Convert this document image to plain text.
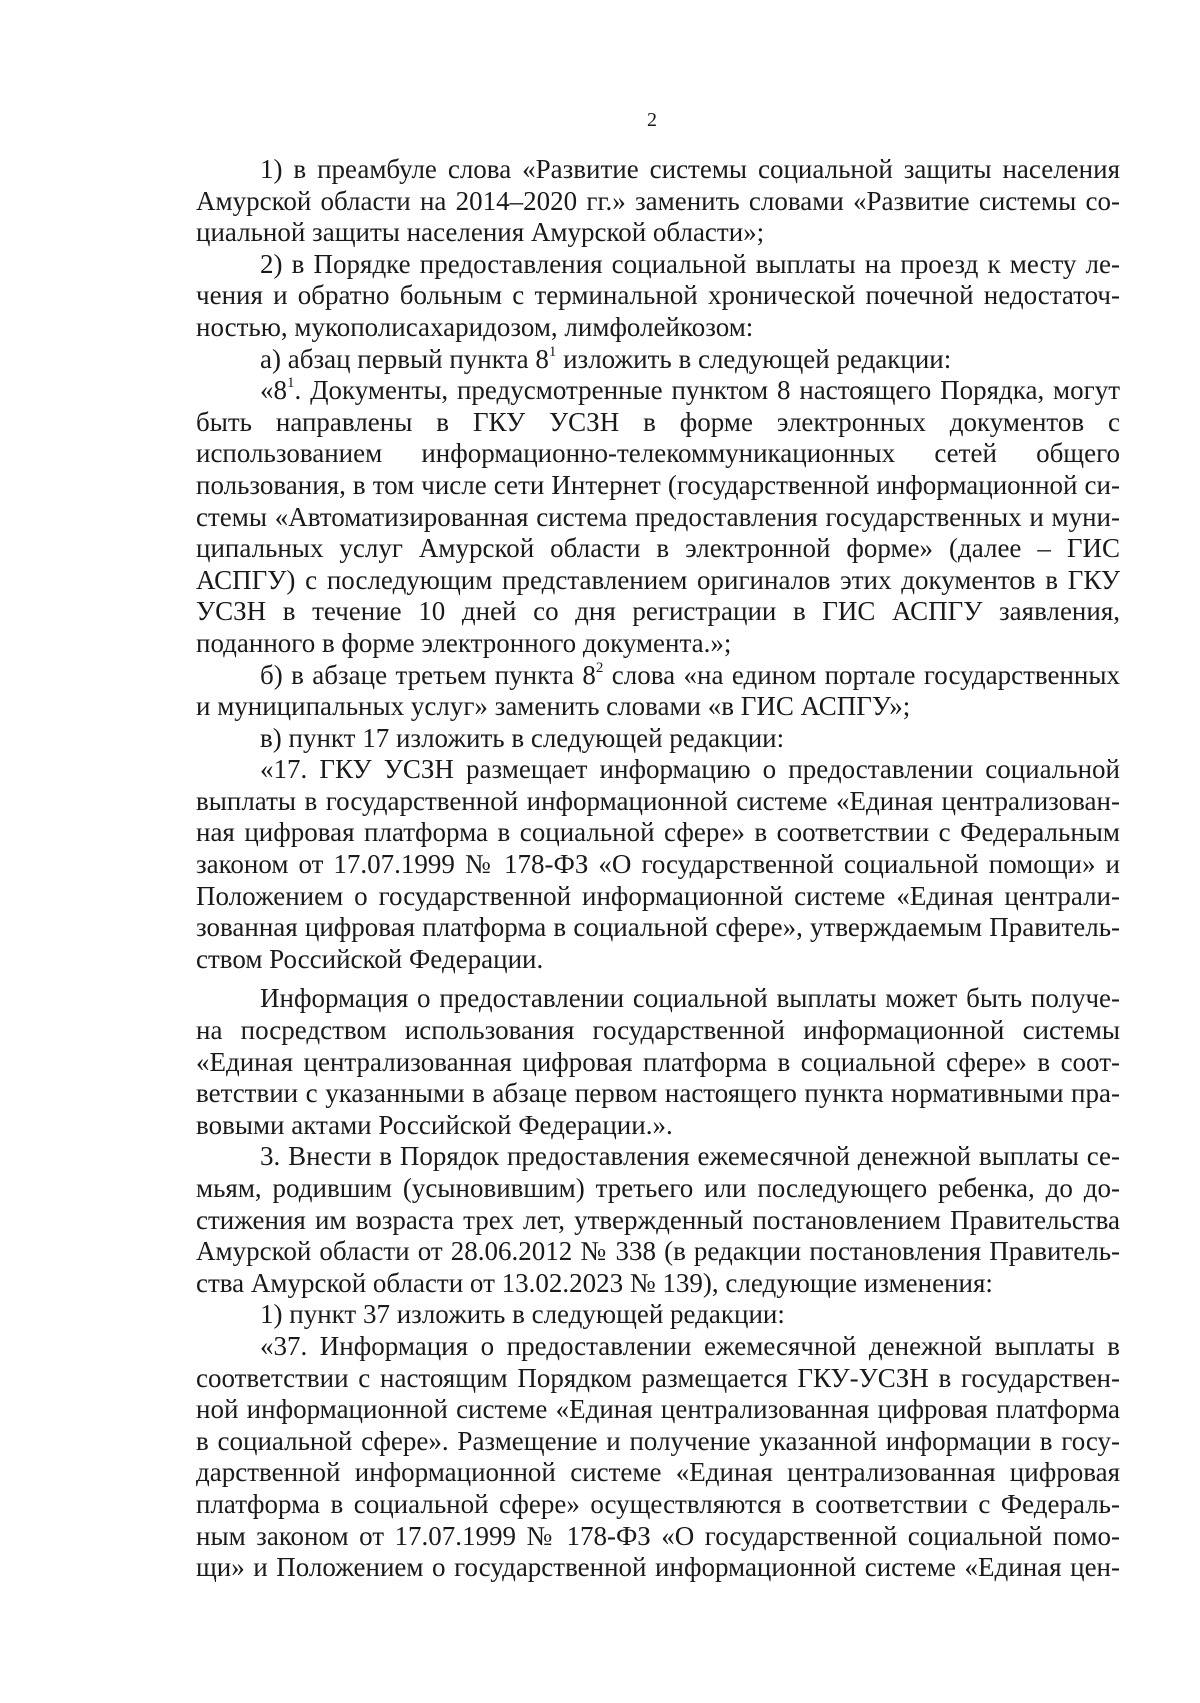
2
1) в преамбуле слова «Развитие системы социальной защиты населения
Амурской области на 2014–2020 гг.» заменить словами «Развитие системы со-
циальной защиты населения Амурской области»;
2) в Порядке предоставления социальной выплаты на проезд к месту ле-
чения и обратно больным с терминальной хронической почечной недостаточ-
ностью, мукополисахаридозом, лимфолейкозом:
а) абзац первый пункта $8^1$ изложить в следующей редакции:
«$8^1$. Документы, предусмотренные пунктом 8 настоящего Порядка, могут
быть направлены в ГКУ УСЗН в форме электронных документов с
использованием информационно-телекоммуникационных сетей общего
пользования, в том числе сети Интернет (государственной информационной си-
стемы «Автоматизированная система предоставления государственных и муни-
ципальных услуг Амурской области в электронной форме» (далее – ГИС
АСПГУ) с последующим представлением оригиналов этих документов в ГКУ
УСЗН в течение 10 дней со дня регистрации в ГИС АСПГУ заявления,
поданного в форме электронного документа.»;
б) в абзаце третьем пункта $8^2$ слова «на едином портале государственных
и муниципальных услуг» заменить словами «в ГИС АСПГУ»;
в) пункт 17 изложить в следующей редакции:
«17. ГКУ УСЗН размещает информацию о предоставлении социальной
выплаты в государственной информационной системе «Единая централизован-
ная цифровая платформа в социальной сфере» в соответствии с Федеральным
законом от 17.07.1999 № 178-ФЗ «О государственной социальной помощи» и
Положением о государственной информационной системе «Единая централи-
зованная цифровая платформа в социальной сфере», утверждаемым Правитель-
ством Российской Федерации.
Информация о предоставлении социальной выплаты может быть получе-
на посредством использования государственной информационной системы
«Единая централизованная цифровая платформа в социальной сфере» в соот-
ветствии с указанными в абзаце первом настоящего пункта нормативными пра-
вовыми актами Российской Федерации.».
3. Внести в Порядок предоставления ежемесячной денежной выплаты се-
мьям, родившим (усыновившим) третьего или последующего ребенка, до до-
стижения им возраста трех лет, утвержденный постановлением Правительства
Амурской области от 28.06.2012 № 338 (в редакции постановления Правитель-
ства Амурской области от 13.02.2023 № 139), следующие изменения:
1) пункт 37 изложить в следующей редакции:
«37. Информация о предоставлении ежемесячной денежной выплаты в
соответствии с настоящим Порядком размещается ГКУ-УСЗН в государствен-
ной информационной системе «Единая централизованная цифровая платформа
в социальной сфере». Размещение и получение указанной информации в госу-
дарственной информационной системе «Единая централизованная цифровая
платформа в социальной сфере» осуществляются в соответствии с Федераль-
ным законом от 17.07.1999 № 178-ФЗ «О государственной социальной помо-
щи» и Положением о государственной информационной системе «Единая цен-
